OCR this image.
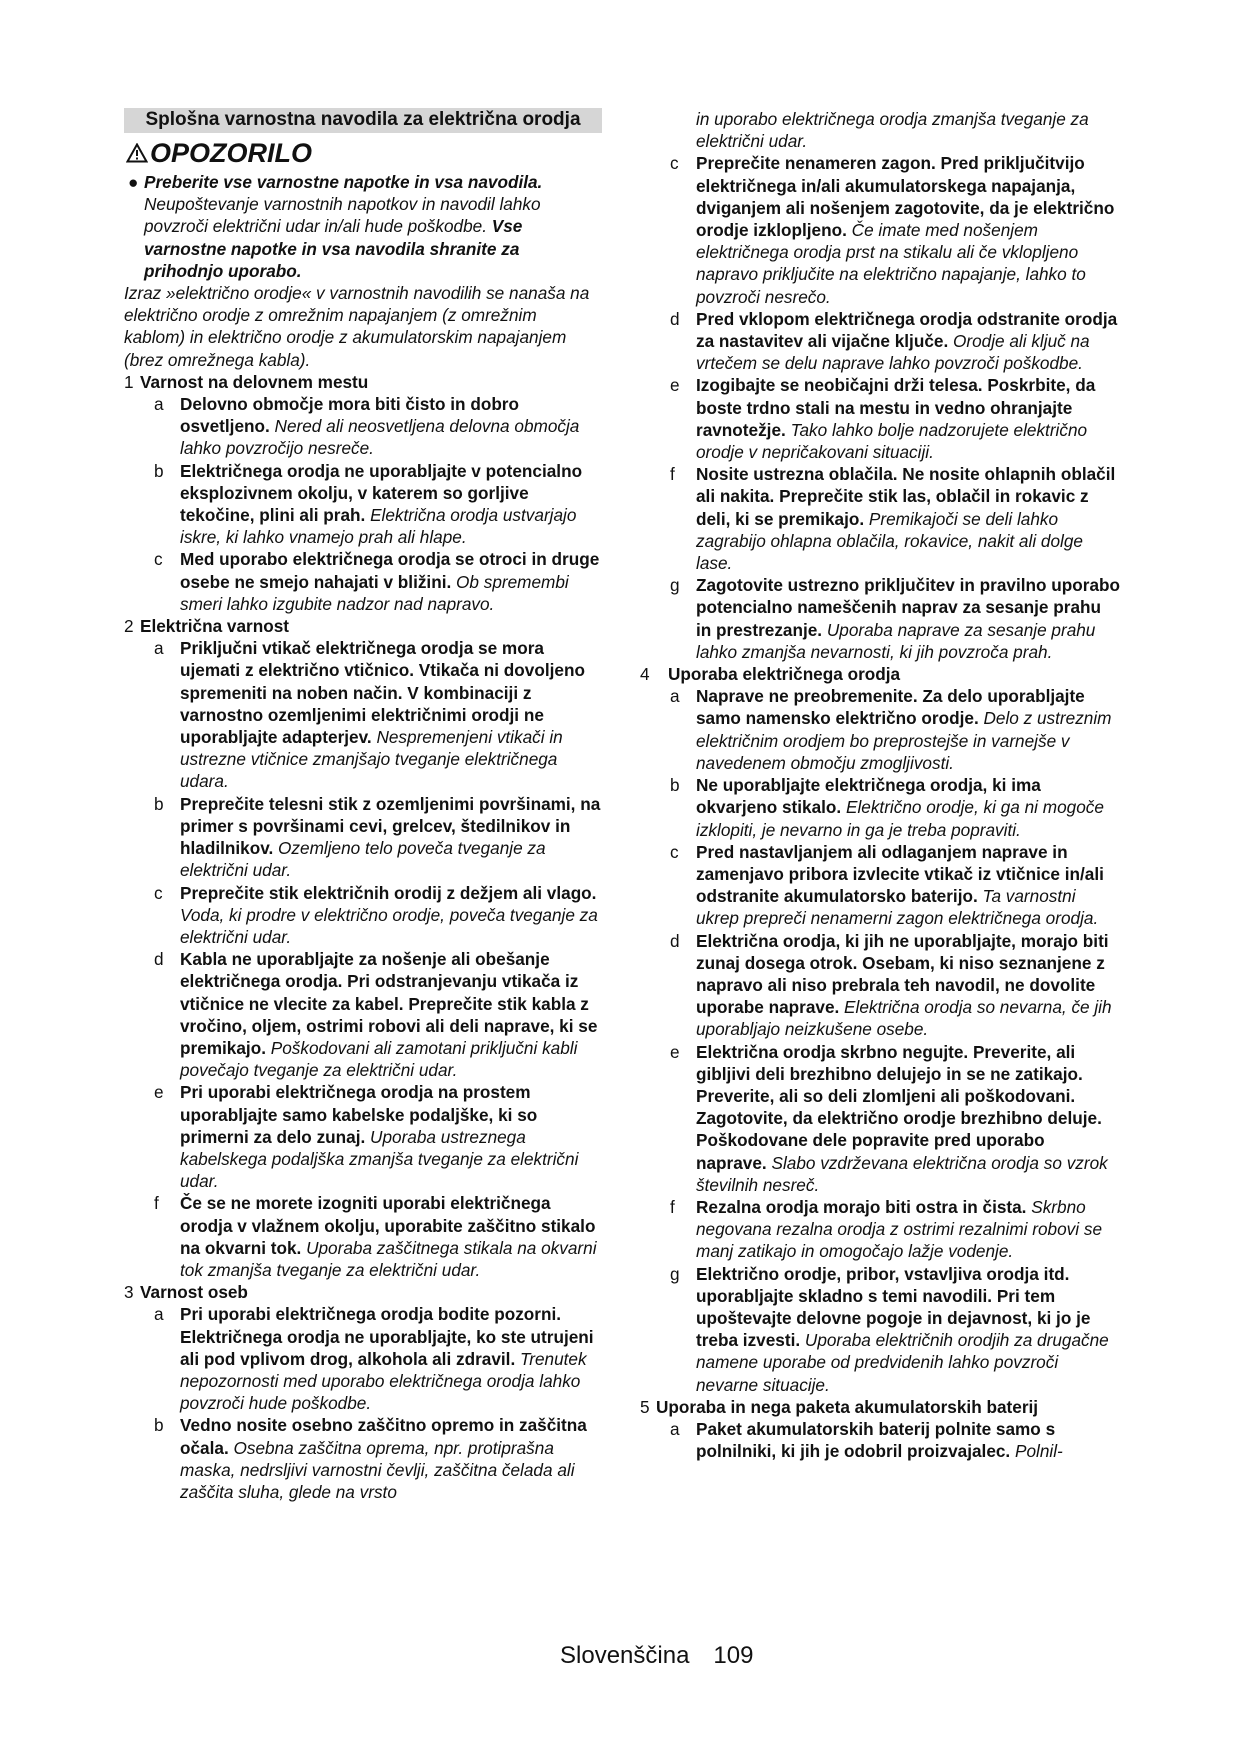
Splošna varnostna navodila za električna orodja
OPOZORILO
● Preberite vse varnostne napotke in vsa navodila. Neupoštevanje varnostnih napotkov in navodil lahko povzroči električni udar in/ali hude poškodbe. Vse varnostne napotke in vsa navodila shranite za prihodnjo uporabo.

Izraz »električno orodje« v varnostnih navodilih se nanaša na električno orodje z omrežnim napajanjem (z omrežnim kablom) in električno orodje z akumulatorskim napajanjem (brez omrežnega kabla).

1 Varnost na delovnem mestu
a Delovno območje mora biti čisto in dobro osvetljeno. Nered ali neosvetljena delovna območja lahko povzročijo nesreče.
b Električnega orodja ne uporabljajte v potencialno eksplozivnem okolju, v katerem so gorljive tekočine, plini ali prah. Električna orodja ustvarjajo iskre, ki lahko vnamejo prah ali hlape.
c Med uporabo električnega orodja se otroci in druge osebe ne smejo nahajati v bližini. Ob spremembi smeri lahko izgubite nadzor nad napravo.
2 Električna varnost
a Priključni vtikač električnega orodja se mora ujemati z električno vtičnico. Vtikača ni dovoljeno spremeniti na noben način. V kombinaciji z varnostno ozemljenimi električnimi orodji ne uporabljajte adapterjev. Nespremenjeni vtikači in ustrezne vtičnice zmanjšajo tveganje električnega udara.
b Preprečite telesni stik z ozemljenimi površinami, na primer s površinami cevi, grelcev, štedilnikov in hladilnikov. Ozemljeno telo poveča tveganje za električni udar.
c Preprečite stik električnih orodij z dežjem ali vlago. Voda, ki prodre v električno orodje, poveča tveganje za električni udar.
d Kabla ne uporabljajte za nošenje ali obešanje električnega orodja. Pri odstranjevanju vtikača iz vtičnice ne vlecite za kabel. Preprečite stik kabla z vročino, oljem, ostrimi robovi ali deli naprave, ki se premikajo. Poškodovani ali zamotani priključni kabli povečajo tveganje za električni udar.
e Pri uporabi električnega orodja na prostem uporabljajte samo kabelske podaljške, ki so primerni za delo zunaj. Uporaba ustreznega kabelskega podaljška zmanjša tveganje za električni udar.
f Če se ne morete izogniti uporabi električnega orodja v vlažnem okolju, uporabite zaščitno stikalo na okvarni tok. Uporaba zaščitnega stikala na okvarni tok zmanjša tveganje za električni udar.
3 Varnost oseb
a Pri uporabi električnega orodja bodite pozorni. Električnega orodja ne uporabljajte, ko ste utrujeni ali pod vplivom drog, alkohola ali zdravil. Trenutek nepozornosti med uporabo električnega orodja lahko povzroči hude poškodbe.
b Vedno nosite osebno zaščitno opremo in zaščitna očala. Osebna zaščitna oprema, npr. protiprašna maska, nedrsljivi varnostni čevlji, zaščitna čelada ali zaščita sluha, glede na vrsto
in uporabo električnega orodja zmanjša tveganje za električni udar.
c Preprečite nenameren zagon. Pred priključitvijo električnega in/ali akumulatorskega napajanja, dviganjem ali nošenjem zagotovite, da je električno orodje izklopljeno. Če imate med nošenjem električnega orodja prst na stikalu ali če vklopljeno napravo priključite na električno napajanje, lahko to povzroči nesrečo.
d Pred vklopom električnega orodja odstranite orodja za nastavitev ali vijačne ključe. Orodje ali ključ na vrtečem se delu naprave lahko povzroči poškodbe.
e Izogibajte se neobičajni drži telesa. Poskrbite, da boste trdno stali na mestu in vedno ohranjajte ravnotežje. Tako lahko bolje nadzorujete električno orodje v nepričakovani situaciji.
f Nosite ustrezna oblačila. Ne nosite ohlapnih oblačil ali nakita. Preprečite stik las, oblačil in rokavic z deli, ki se premikajo. Premikajoči se deli lahko zagrabijo ohlapna oblačila, rokavice, nakit ali dolge lase.
g Zagotovite ustrezno priključitev in pravilno uporabo potencialno nameščenih naprav za sesanje prahu in prestrezanje. Uporaba naprave za sesanje prahu lahko zmanjša nevarnosti, ki jih povzroča prah.
4 Uporaba električnega orodja
a Naprave ne preobremenite. Za delo uporabljajte samo namensko električno orodje. Delo z ustreznim električnim orodjem bo preprostejše in varnejše v navedenem območju zmogljivosti.
b Ne uporabljajte električnega orodja, ki ima okvarjeno stikalo. Električno orodje, ki ga ni mogoče izklopiti, je nevarno in ga je treba popraviti.
c Pred nastavljanjem ali odlaganjem naprave in zamenjavo pribora izvlecite vtikač iz vtičnice in/ali odstranite akumulatorsko baterijo. Ta varnostni ukrep prepreči nenamerni zagon električnega orodja.
d Električna orodja, ki jih ne uporabljajte, morajo biti zunaj dosega otrok. Osebam, ki niso seznanjene z napravo ali niso prebrala teh navodil, ne dovolite uporabe naprave. Električna orodja so nevarna, če jih uporabljajo neizkušene osebe.
e Električna orodja skrbno negujte. Preverite, ali gibljivi deli brezhibno delujejo in se ne zatikajo. Preverite, ali so deli zlomljeni ali poškodovani. Zagotovite, da električno orodje brezhibno deluje. Poškodovane dele popravite pred uporabo naprave. Slabo vzdrževana električna orodja so vzrok številnih nesreč.
f Rezalna orodja morajo biti ostra in čista. Skrbno negovana rezalna orodja z ostrimi rezalnimi robovi se manj zatikajo in omogočajo lažje vodenje.
g Električno orodje, pribor, vstavljiva orodja itd. uporabljajte skladno s temi navodili. Pri tem upoštevajte delovne pogoje in dejavnost, ki jo je treba izvesti. Uporaba električnih orodjih za drugačne namene uporabe od predvidenih lahko povzroči nevarne situacije.
5 Uporaba in nega paketa akumulatorskih baterij
a Paket akumulatorskih baterij polnite samo s polnilniki, ki jih je odobril proizvajalec. Polnil-
Slovenščina 109
